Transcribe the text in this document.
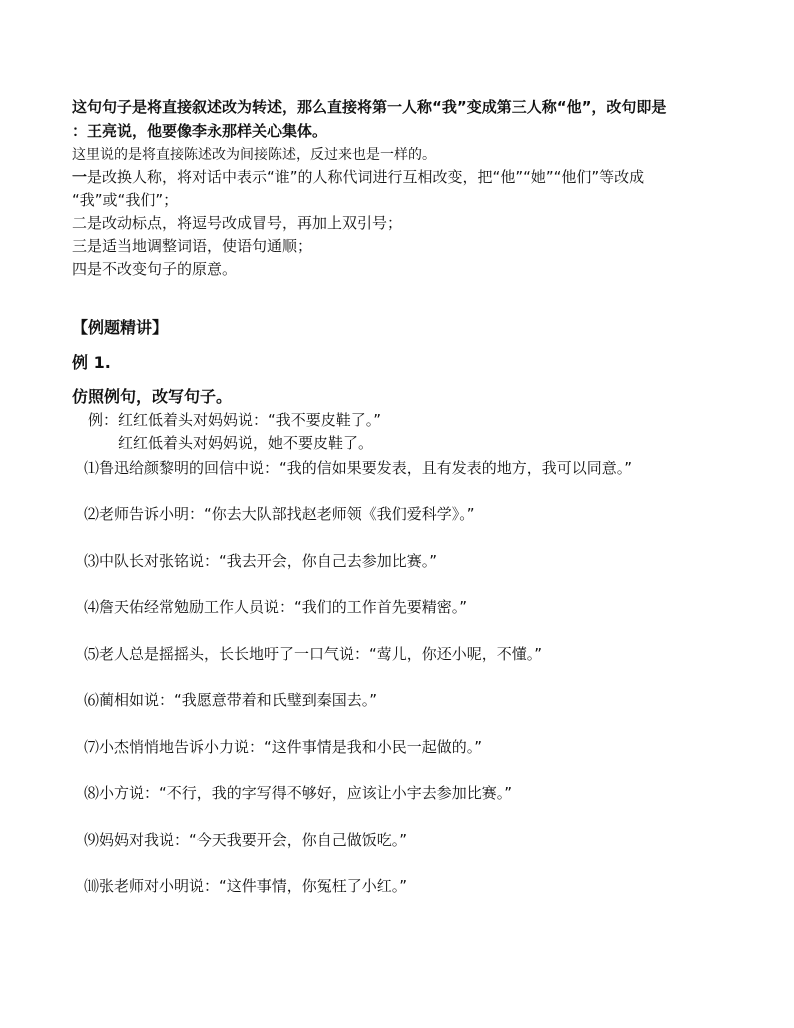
这句句子是将直接叙述改为转述，那么直接将第一人称“我”变成第三人称“他”，改句即是
：王亮说，他要像李永那样关心集体。
这里说的是将直接陈述改为间接陈述，反过来也是一样的。
一是改换人称，将对话中表示“谁”的人称代词进行互相改变，把“他”“她”“他们”等改成
“我”或“我们”；
二是改动标点，将逗号改成冒号，再加上双引号；
三是适当地调整词语，使语句通顺；
四是不改变句子的原意。
【例题精讲】
例 1.
仿照例句，改写句子。
例：红红低着头对妈妈说：“我不要皮鞋了。”
红红低着头对妈妈说，她不要皮鞋了。
⑴鲁迅给颜黎明的回信中说：“我的信如果要发表，且有发表的地方，我可以同意。”
⑵老师告诉小明：“你去大队部找赵老师领《我们爱科学》。”
⑶中队长对张铭说：“我去开会，你自己去参加比赛。”
⑷詹天佑经常勉励工作人员说：“我们的工作首先要精密。”
⑸老人总是摇摇头，长长地吁了一口气说：“莺儿，你还小呢，不懂。”
⑹蔺相如说：“我愿意带着和氏璧到秦国去。”
⑺小杰悄悄地告诉小力说：“这件事情是我和小民一起做的。”
⑻小方说：“不行，我的字写得不够好，应该让小宇去参加比赛。”
⑼妈妈对我说：“今天我要开会，你自己做饭吃。”
⑽张老师对小明说：“这件事情，你冤枉了小红。”
